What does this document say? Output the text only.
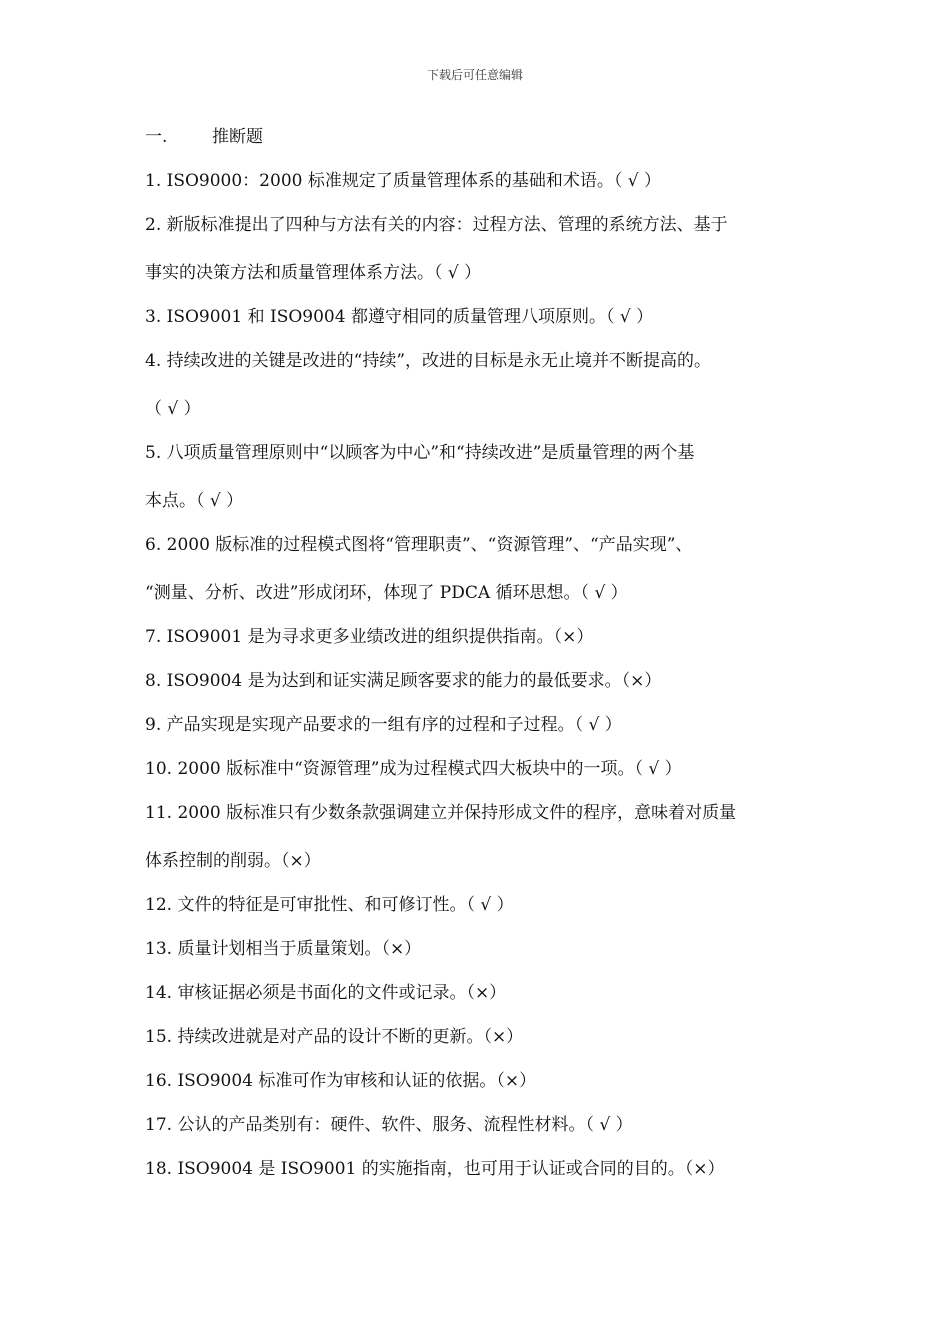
下载后可任意编辑
一.	推断题
1. ISO9000：2000 标准规定了质量管理体系的基础和术语。（ √ ）
2. 新版标准提出了四种与方法有关的内容：过程方法、管理的系统方法、基于
事实的决策方法和质量管理体系方法。（ √ ）
3. ISO9001 和 ISO9004 都遵守相同的质量管理八项原则。（ √ ）
4. 持续改进的关键是改进的“持续”，改进的目标是永无止境并不断提高的。
（ √ ）
5. 八项质量管理原则中“以顾客为中心”和“持续改进”是质量管理的两个基
本点。（ √ ）
6. 2000 版标准的过程模式图将“管理职责”、“资源管理”、“产品实现”、
“测量、分析、改进”形成闭环，体现了 PDCA 循环思想。（ √ ）
7. ISO9001 是为寻求更多业绩改进的组织提供指南。（×）
8. ISO9004 是为达到和证实满足顾客要求的能力的最低要求。（×）
9. 产品实现是实现产品要求的一组有序的过程和子过程。（ √ ）
10. 2000 版标准中“资源管理”成为过程模式四大板块中的一项。（ √ ）
11. 2000 版标准只有少数条款强调建立并保持形成文件的程序，意味着对质量
体系控制的削弱。（×）
12. 文件的特征是可审批性、和可修订性。（ √ ）
13. 质量计划相当于质量策划。（×）
14. 审核证据必须是书面化的文件或记录。（×）
15. 持续改进就是对产品的设计不断的更新。（×）
16. ISO9004 标准可作为审核和认证的依据。（×）
17. 公认的产品类别有：硬件、软件、服务、流程性材料。（ √ ）
18. ISO9004 是 ISO9001 的实施指南，也可用于认证或合同的目的。（×）
